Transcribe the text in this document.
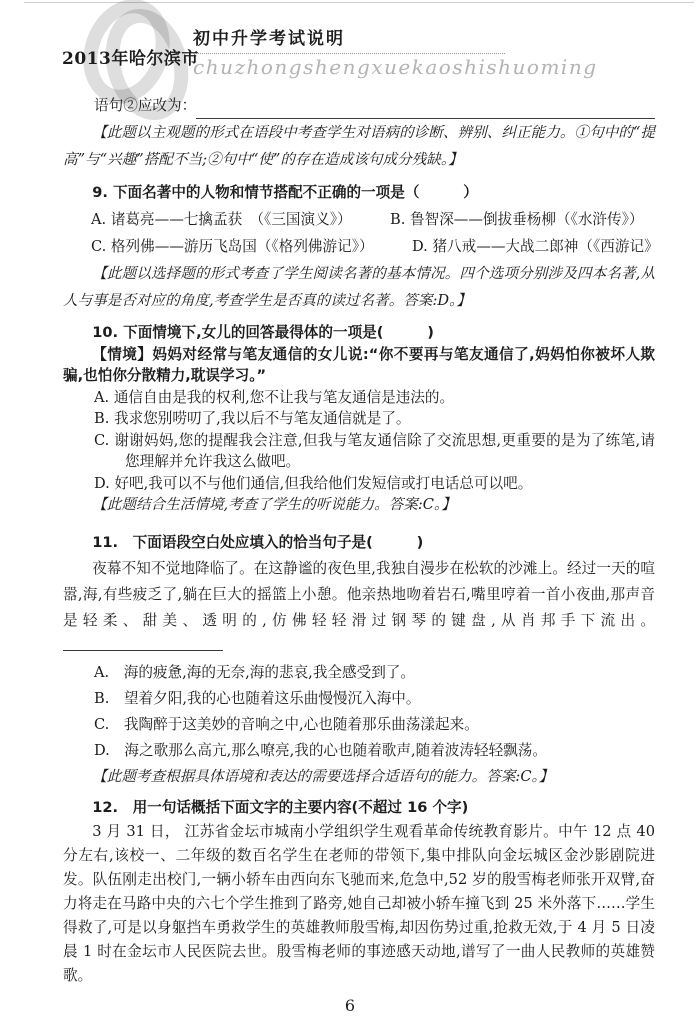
2013年哈尔滨市
初中升学考试说明
chuzhongshengxuekaoshishuoming
语句②应改为：

【此题以主观题的形式在语段中考查学生对语病的诊断、辨别、纠正能力。①句中的“提高”与“兴趣”搭配不当;②句中“使”的存在造成该句成分残缺。】

9. 下面名著中的人物和情节搭配不正确的一项是（　　　）

A. 诸葛亮——七擒孟获　（《三国演义》）	B. 鲁智深——倒拔垂杨柳（《水浒传》）
C. 格列佛——游历飞岛国（《格列佛游记》）	D. 猪八戒——大战二郎神（《西游记》

【此题以选择题的形式考查了学生阅读名著的基本情况。四个选项分别涉及四本名著,从人与事是否对应的角度,考查学生是否真的读过名著。答案:D。】

10. 下面情境下,女儿的回答最得体的一项是(　　　)

【情境】妈妈对经常与笔友通信的女儿说:“你不要再与笔友通信了,妈妈怕你被坏人欺骗,也怕你分散精力,耽误学习。”

A. 通信自由是我的权利,您不让我与笔友通信是违法的。

B. 我求您别唠叨了,我以后不与笔友通信就是了。

C. 谢谢妈妈,您的提醒我会注意,但我与笔友通信除了交流思想,更重要的是为了练笔,请您理解并允许我这么做吧。

D. 好吧,我可以不与他们通信,但我给他们发短信或打电话总可以吧。

【此题结合生活情境,考查了学生的听说能力。答案:C。】

11.　下面语段空白处应填入的恰当句子是(　　　)

夜幕不知不觉地降临了。在这静谧的夜色里,我独自漫步在松软的沙滩上。经过一天的喧嚣,海,有些疲乏了,躺在巨大的摇篮上小憩。他亲热地吻着岩石,嘴里哼着一首小夜曲,那声音是轻柔、甜美、透明的,仿佛轻轻滑过钢琴的键盘,从肖邦手下流出。

A.　海的疲惫,海的无奈,海的悲哀,我全感受到了。

B.　望着夕阳,我的心也随着这乐曲慢慢沉入海中。

C.　我陶醉于这美妙的音响之中,心也随着那乐曲荡漾起来。

D.　海之歌那么高亢,那么嘹亮,我的心也随着歌声,随着波涛轻轻飘荡。

【此题考查根据具体语境和表达的需要选择合适语句的能力。答案:C。】

12.　用一句话概括下面文字的主要内容(不超过 16 个字)

3 月 31 日， 江苏省金坛市城南小学组织学生观看革命传统教育影片。中午 12 点 40 分左右,该校一、二年级的数百名学生在老师的带领下,集中排队向金坛城区金沙影剧院进发。队伍刚走出校门,一辆小轿车由西向东飞驰而来,危急中,52 岁的殷雪梅老师张开双臂,奋力将走在马路中央的六七个学生推到了路旁,她自己却被小轿车撞飞到 25 米外落下……学生得救了,可是以身躯挡车勇救学生的英雄教师殷雪梅,却因伤势过重,抢救无效,于 4 月 5 日凌晨 1 时在金坛市人民医院去世。殷雪梅老师的事迹感天动地,谱写了一曲人民教师的英雄赞歌。

6
